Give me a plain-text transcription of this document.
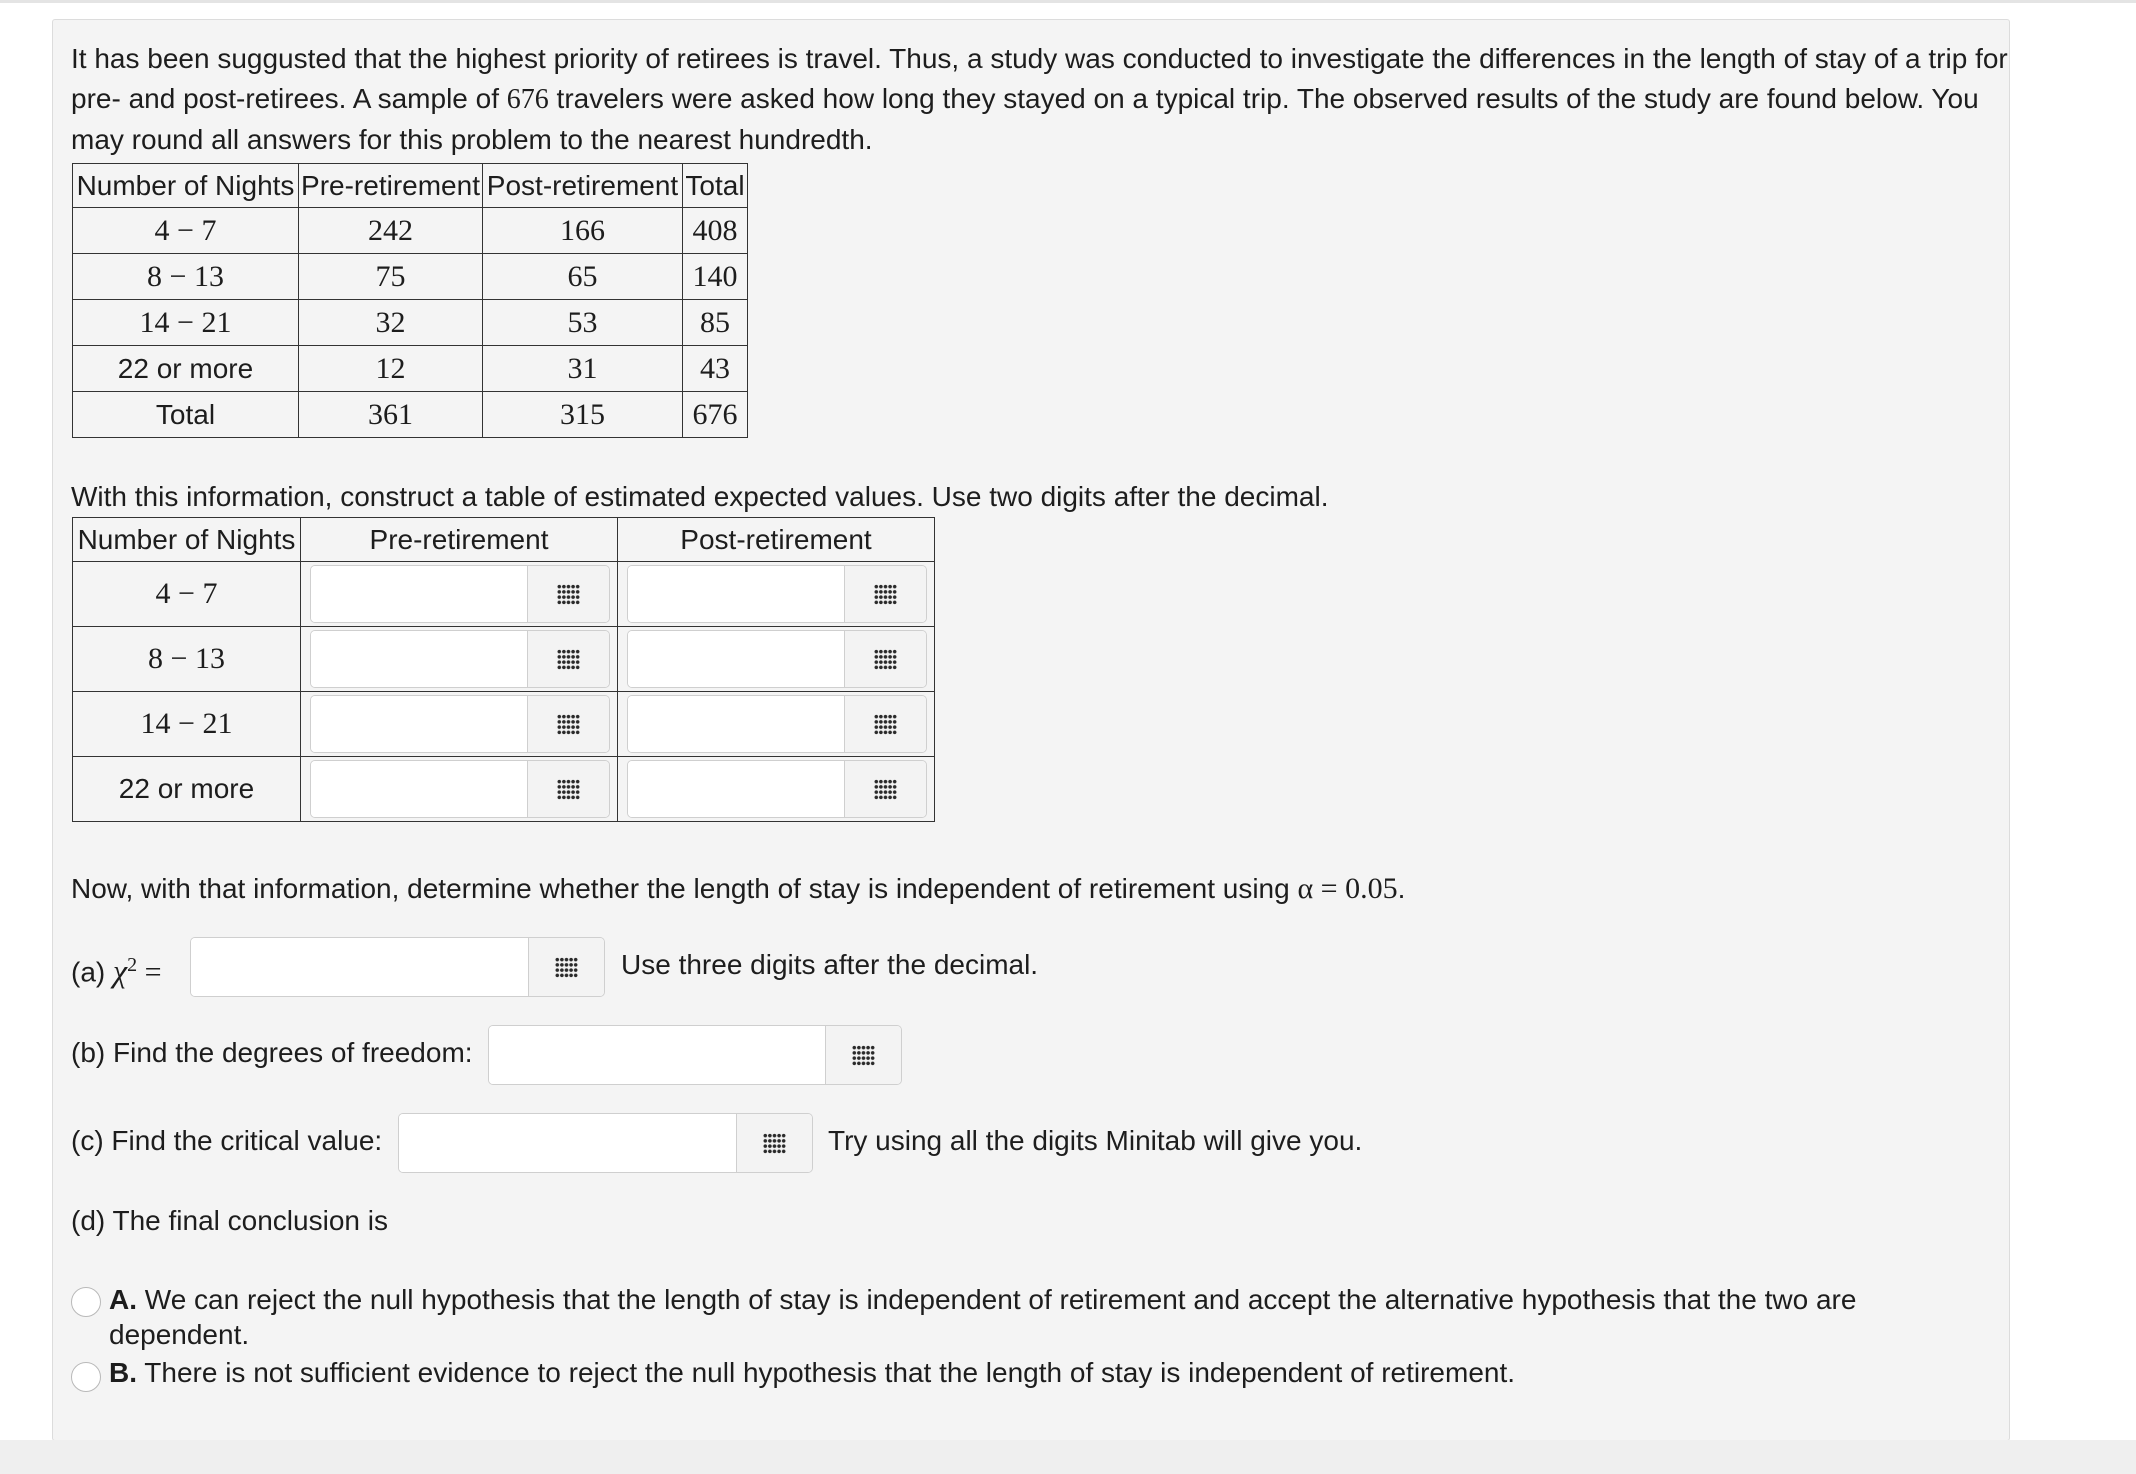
It has been suggusted that the highest priority of retirees is travel. Thus, a study was conducted to investigate the differences in the length of stay of a trip for pre- and post-retirees. A sample of 676 travelers were asked how long they stayed on a typical trip. The observed results of the study are found below. You may round all answers for this problem to the nearest hundredth.

Number of Nights	Pre-retirement	Post-retirement	Total
4 − 7	242	166	408
8 − 13	75	65	140
14 − 21	32	53	85
22 or more	12	31	43
Total	361	315	676
With this information, construct a table of estimated expected values. Use two digits after the decimal.
Number of Nights	Pre-retirement	Post-retirement
4 − 7	

8 − 13	

14 − 21	

22 or more	

Now, with that information, determine whether the length of stay is independent of retirement using α = 0.05.
(a) $\chi^2$ =	Use three digits after the decimal.
(b) Find the degrees of freedom:
(c) Find the critical value:	Try using all the digits Minitab will give you.
(d) The final conclusion is
A. We can reject the null hypothesis that the length of stay is independent of retirement and accept the alternative hypothesis that the two are
dependent.
B. There is not sufficient evidence to reject the null hypothesis that the length of stay is independent of retirement.
